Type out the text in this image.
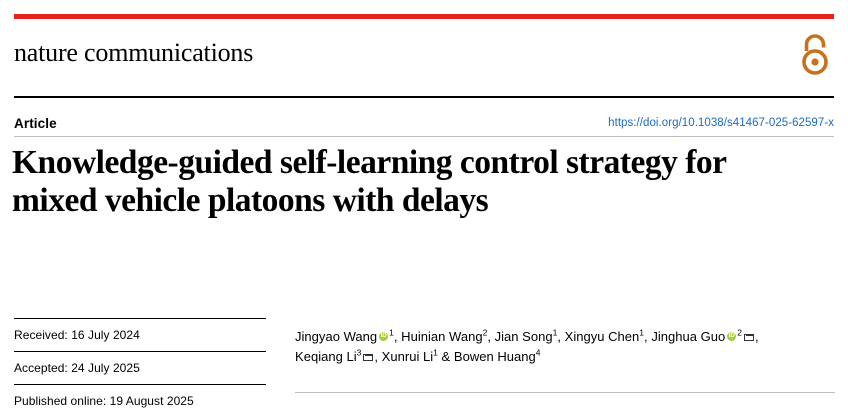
nature communications
Article	https://doi.org/10.1038/s41467-025-62597-x
Knowledge-guided self-learning control strategy for mixed vehicle platoons with delays
Received: 16 July 2024
Accepted: 24 July 2025
Published online: 19 August 2025
Jingyao Wang iD $^1$, Huinian Wang$^2$, Jian Song$^1$, Xingyu Chen$^1$, Jinghua Guo iD $^2$ ,
Keqiang Li$^3$ , Xunrui Li$^1$ & Bowen Huang$^4$
